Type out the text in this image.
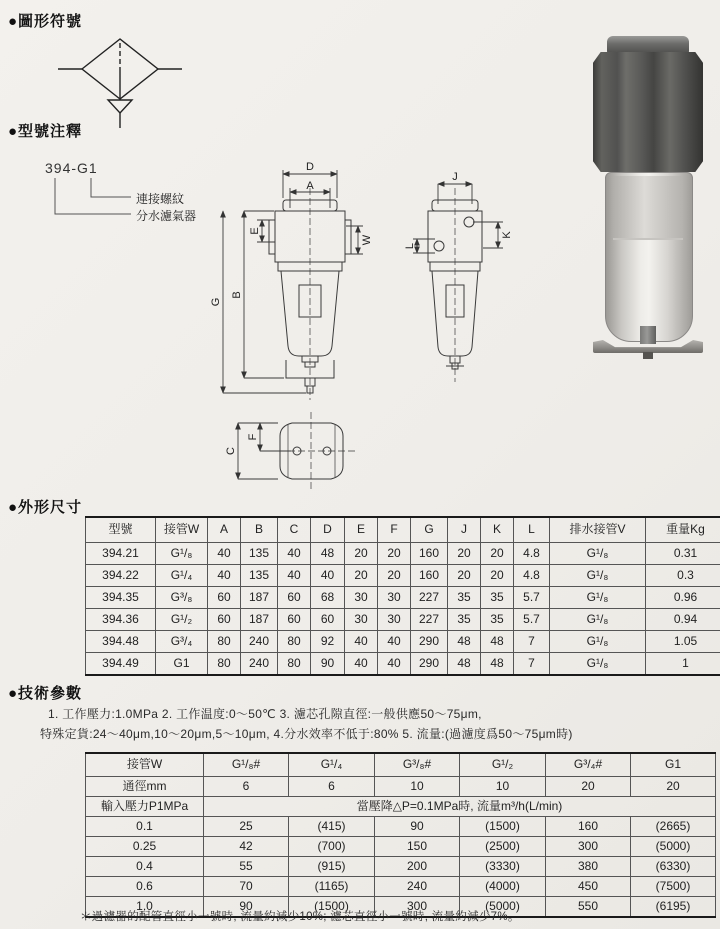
●圖形符號
●型號注釋
●外形尺寸
●技術參數
394-G1
連接螺紋
分水濾氣器
D
A
E
W
B
G
J
L
K
C
F
型號	接管W	A	B	C	D	E	F	G	J	K	L	排水接管V	重量Kg
394.21	G¹/₈	40	135	40	48	20	20	160	20	20	4.8	G¹/₈	0.31
394.22	G¹/₄	40	135	40	40	20	20	160	20	20	4.8	G¹/₈	0.3
394.35	G³/₈	60	187	60	68	30	30	227	35	35	5.7	G¹/₈	0.96
394.36	G¹/₂	60	187	60	60	30	30	227	35	35	5.7	G¹/₈	0.94
394.48	G³/₄	80	240	80	92	40	40	290	48	48	7	G¹/₈	1.05
394.49	G1	80	240	80	90	40	40	290	48	48	7	G¹/₈	1
1. 工作壓力:1.0MPa 2. 工作温度:0～50℃ 3. 濾芯孔隙直徑:一般供應50～75μm,
特殊定貨:24～40μm,10～20μm,5～10μm, 4.分水效率不低于:80% 5. 流量:(過濾度爲50～75μm時)
接管W	G¹/₈#	G¹/₄	G³/₈#	G¹/₂	G³/₄#	G1
通徑mm	6	6	10	10	20	20
輸入壓力P1MPa	當壓降△P=0.1MPa時, 流量m³/h(L/min)					
0.1	25	(415)	90	(1500)	160	(2665)
0.25	42	(700)	150	(2500)	300	(5000)
0.4	55	(915)	200	(3330)	380	(6330)
0.6	70	(1165)	240	(4000)	450	(7500)
1.0	90	(1500)	300	(5000)	550	(6195)
＊過濾器的配管直徑小一號時, 流量約減少10%; 濾芯直徑小一號時, 流量約減少7%。
